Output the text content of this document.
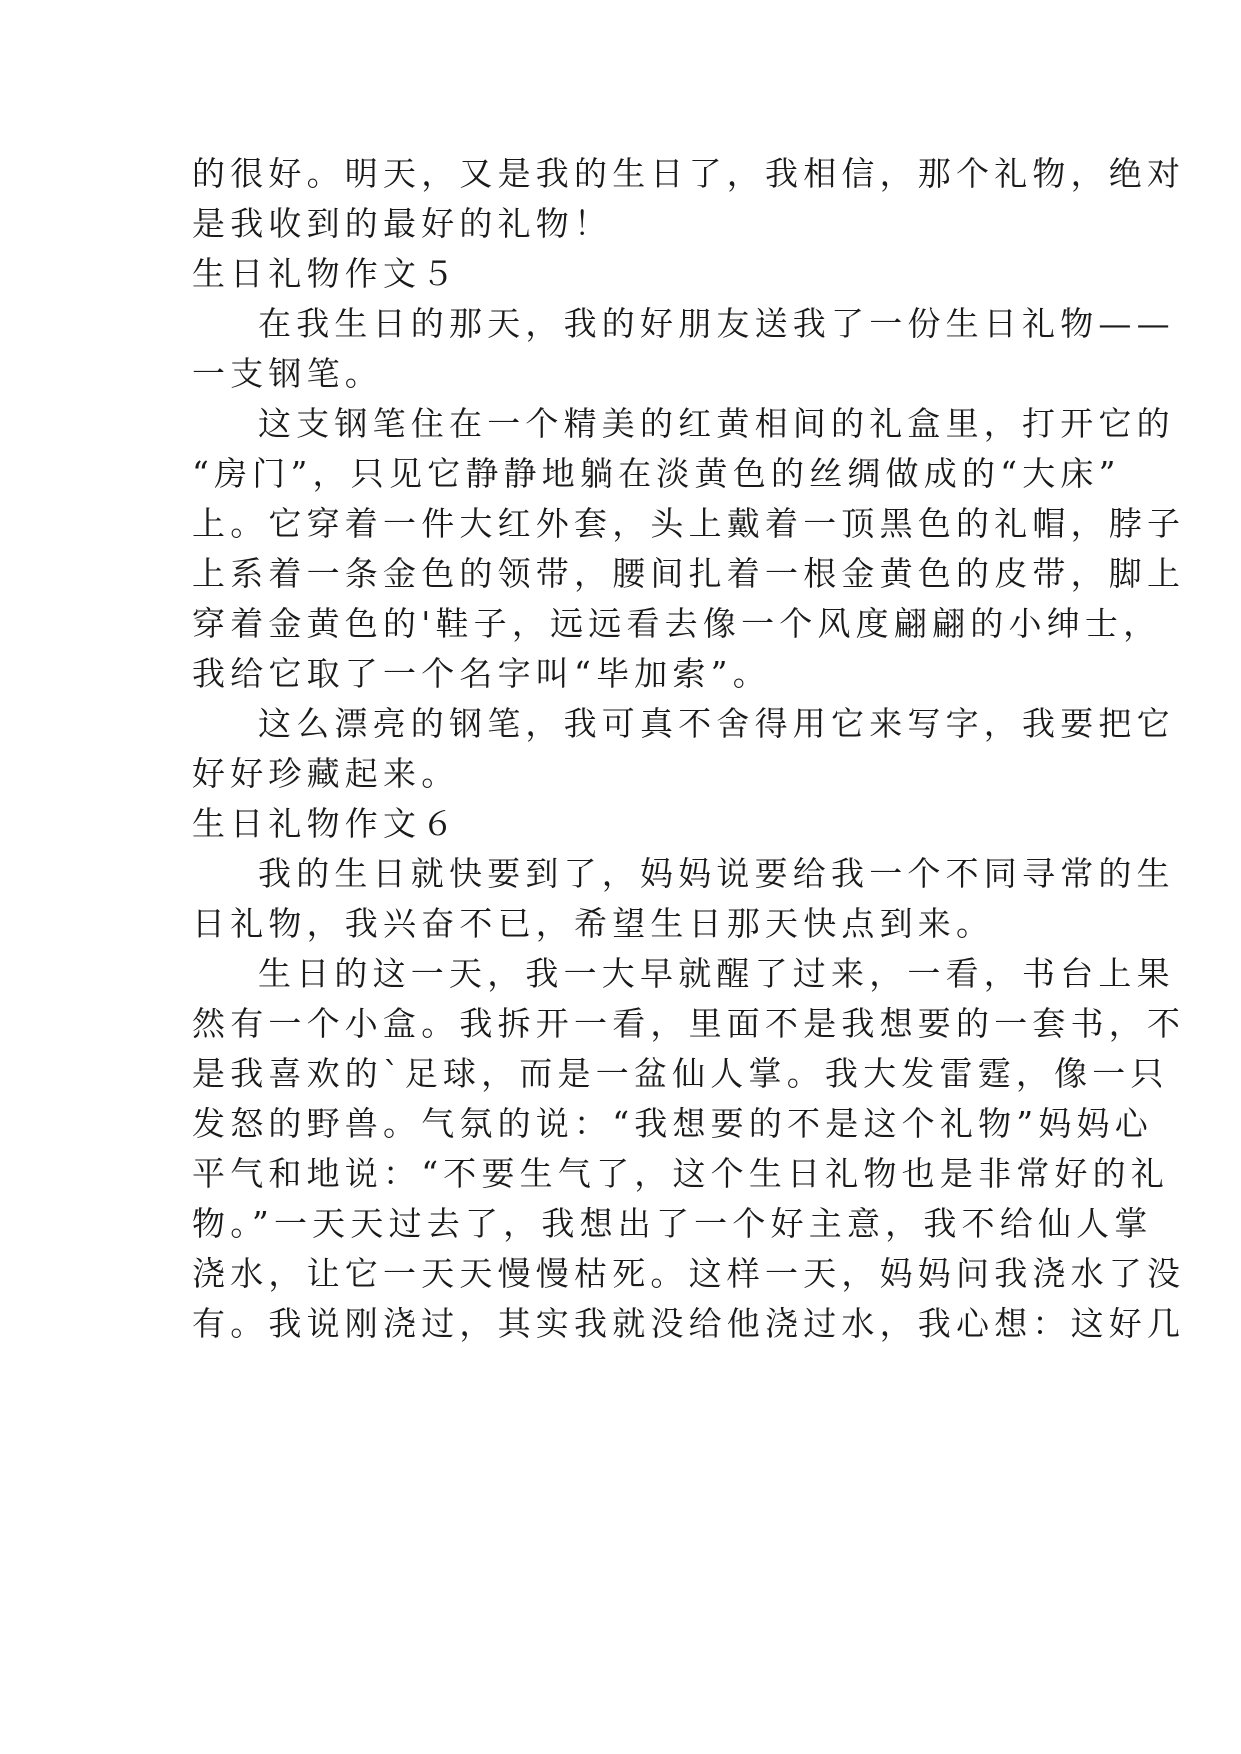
的很好。明天，又是我的生日了，我相信，那个礼物，绝对
是我收到的最好的礼物！
生日礼物作文５
在我生日的那天，我的好朋友送我了一份生日礼物——
一支钢笔。
这支钢笔住在一个精美的红黄相间的礼盒里，打开它的
“房门”，只见它静静地躺在淡黄色的丝绸做成的“大床”
上。它穿着一件大红外套，头上戴着一顶黑色的礼帽，脖子
上系着一条金色的领带，腰间扎着一根金黄色的皮带，脚上
穿着金黄色的'鞋子，远远看去像一个风度翩翩的小绅士，
我给它取了一个名字叫“毕加索”。
这么漂亮的钢笔，我可真不舍得用它来写字，我要把它
好好珍藏起来。
生日礼物作文６
我的生日就快要到了，妈妈说要给我一个不同寻常的生
日礼物，我兴奋不已，希望生日那天快点到来。
生日的这一天，我一大早就醒了过来，一看，书台上果
然有一个小盒。我拆开一看，里面不是我想要的一套书，不
是我喜欢的`足球，而是一盆仙人掌。我大发雷霆，像一只
发怒的野兽。气氛的说：“我想要的不是这个礼物”妈妈心
平气和地说：“不要生气了，这个生日礼物也是非常好的礼
物。”一天天过去了，我想出了一个好主意，我不给仙人掌
浇水，让它一天天慢慢枯死。这样一天，妈妈问我浇水了没
有。我说刚浇过，其实我就没给他浇过水，我心想：这好几
